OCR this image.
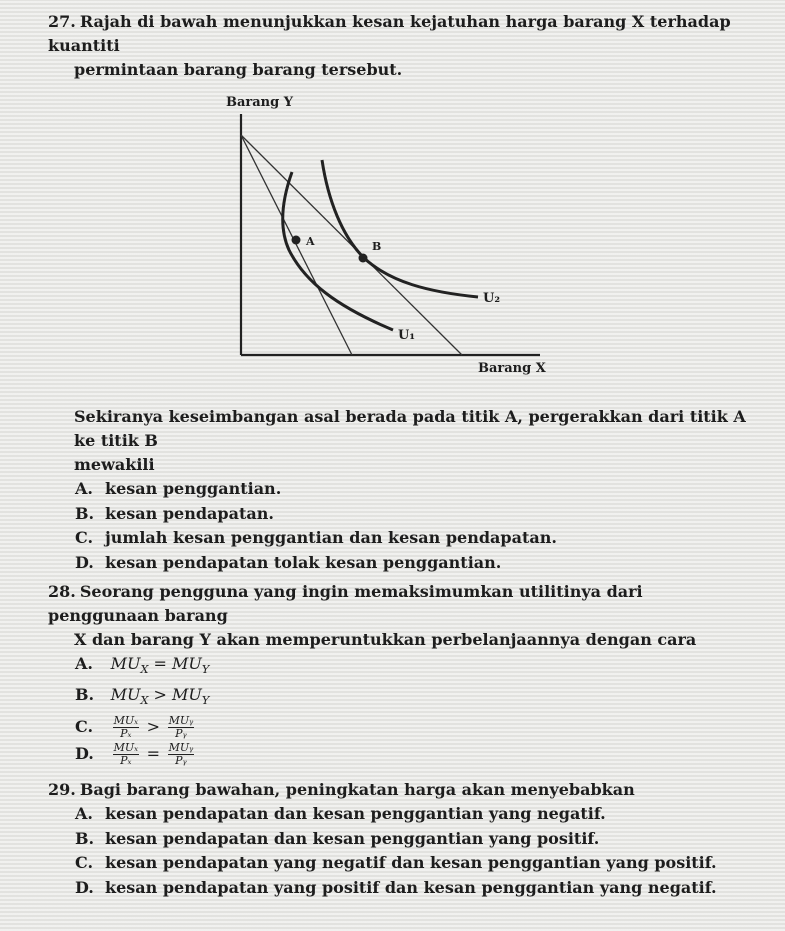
27. Rajah di bawah menunjukkan kesan kejatuhan harga barang X terhadap kuantiti
permintaan barang barang tersebut.
Barang Y
Barang X
A	B
U₂
U₁
Sekiranya keseimbangan asal berada pada titik A, pergerakkan dari titik A ke titik B
mewakili
A. kesan penggantian.
B. kesan pendapatan.
C. jumlah kesan penggantian dan kesan pendapatan.
D. kesan pendapatan tolak kesan penggantian.
28. Seorang pengguna yang ingin memaksimumkan utilitinya dari penggunaan barang
X dan barang Y akan memperuntukkan perbelanjaannya dengan cara
A. $MU_X = MU_Y$
B. $MU_X > MU_Y$
C. $\frac{\text{MUₓ}}{\text{Pₓ}} > \frac{\text{MUᵧ}}{\text{Pᵧ}}$
D. $\frac{\text{MUₓ}}{\text{Pₓ}} = \frac{\text{MUᵧ}}{\text{Pᵧ}}$
29. Bagi barang bawahan, peningkatan harga akan menyebabkan
A. kesan pendapatan dan kesan penggantian yang negatif.
B. kesan pendapatan dan kesan penggantian yang positif.
C. kesan pendapatan yang negatif dan kesan penggantian yang positif.
D. kesan pendapatan yang positif dan kesan penggantian yang negatif.
